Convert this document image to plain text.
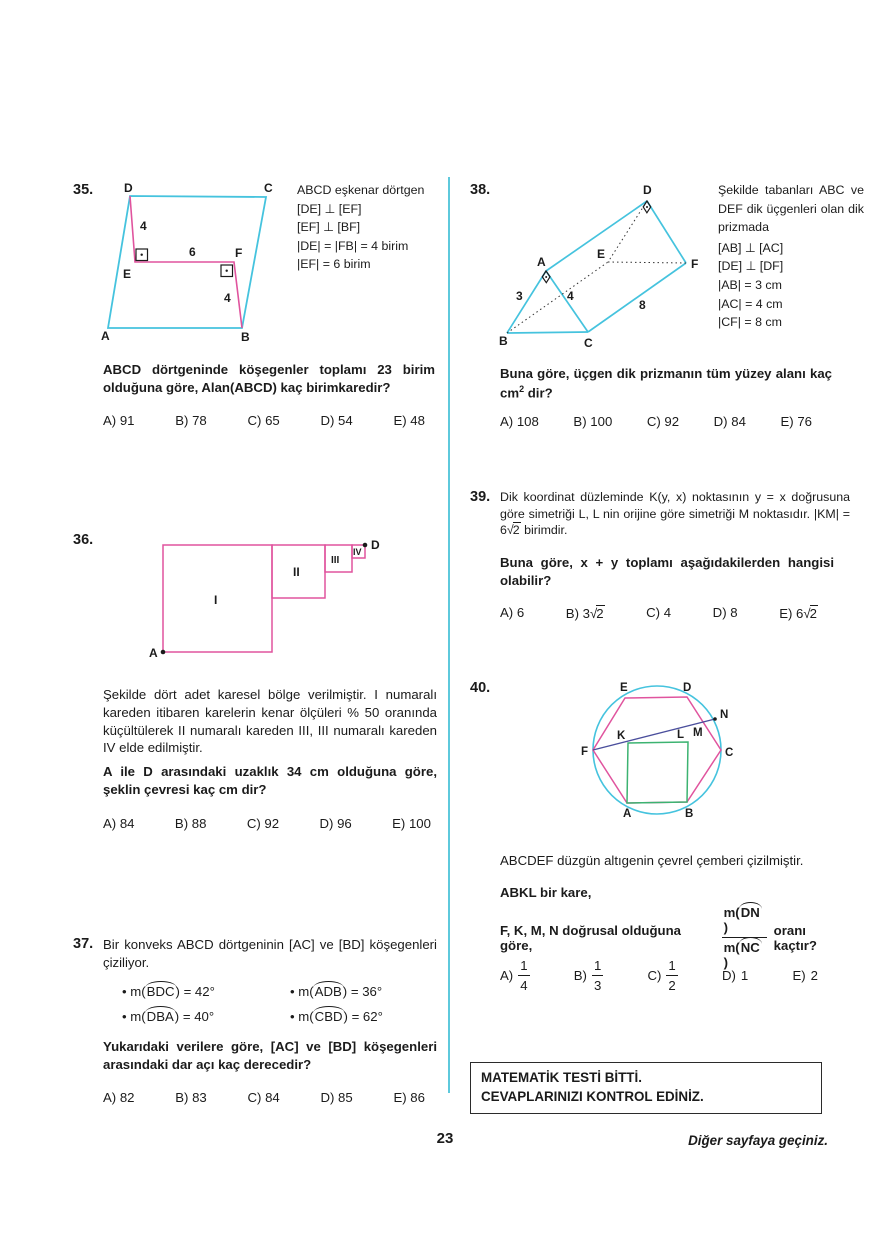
35.	D	C
A	B
E
F
4
6
4
ABCD eşkenar dörtgen
[DE] ⊥ [EF]
[EF] ⊥ [BF]
|DE| = |FB| = 4 birim
|EF| = 6 birim
ABCD dörtgeninde köşegenler toplamı 23 birim olduğuna göre, Alan(ABCD) kaç birimkaredir?
A) 91	B) 78	C) 65	D) 54	E) 48
36.
A
D
I
II
III
IV
Şekilde dört adet karesel bölge verilmiştir. I numaralı kareden itibaren karelerin kenar ölçüleri % 50 oranında küçültülerek II numaralı kareden III, III numaralı kareden IV elde edilmiştir.
A ile D arasındaki uzaklık 34 cm olduğuna göre, şeklin çevresi kaç cm dir?
A) 84	B) 88	C) 92	D) 96	E) 100
37. Bir konveks ABCD dörtgeninin [AC] ve [BD] köşegenleri çiziliyor.
• m(BDC) = 42°
• m(DBA) = 40°
• m(ADB) = 36°
• m(CBD) = 62°
Yukarıdaki verilere göre, [AC] ve [BD] köşegenleri arasındaki dar açı kaç derecedir?
A) 82	B) 83	C) 84	D) 85	E) 86
38.
B	C
A
D
E
F
3	4
8
Şekilde tabanları ABC ve DEF dik üçgenleri olan dik prizmada
[AB] ⊥ [AC]
[DE] ⊥ [DF]
|AB| = 3 cm
|AC| = 4 cm
|CF| = 8 cm
Buna göre, üçgen dik prizmanın tüm yüzey alanı kaç $cm^2$ dir?
A) 108	B) 100	C) 92	D) 84	E) 76
39. Dik koordinat düzleminde K(y, x) noktasının y = x doğrusuna göre simetriği L, L nin orijine göre simetriği M noktasıdır. |KM| = 6√2 birimdir.
Buna göre, x + y toplamı aşağıdakilerden hangisi olabilir?
A) 6	B) 3√2	C) 4	D) 8	E) 6√2
40.	E	D
N
M
K	L
F	C
A	B
ABCDEF düzgün altıgenin çevrel çemberi çizilmiştir.
ABKL bir kare,
F, K, M, N doğrusal olduğuna göre,	$\frac{m(DN)}{m(NC)}$ oranı kaçtır?
$A) \frac{1}{4}$	$B) \frac{1}{3}$	$C) \frac{1}{2}$	D) 1	E) 2
MATEMATİK TESTİ BİTTİ.
CEVAPLARINIZI KONTROL EDİNİZ.
23	Diğer sayfaya geçiniz.
